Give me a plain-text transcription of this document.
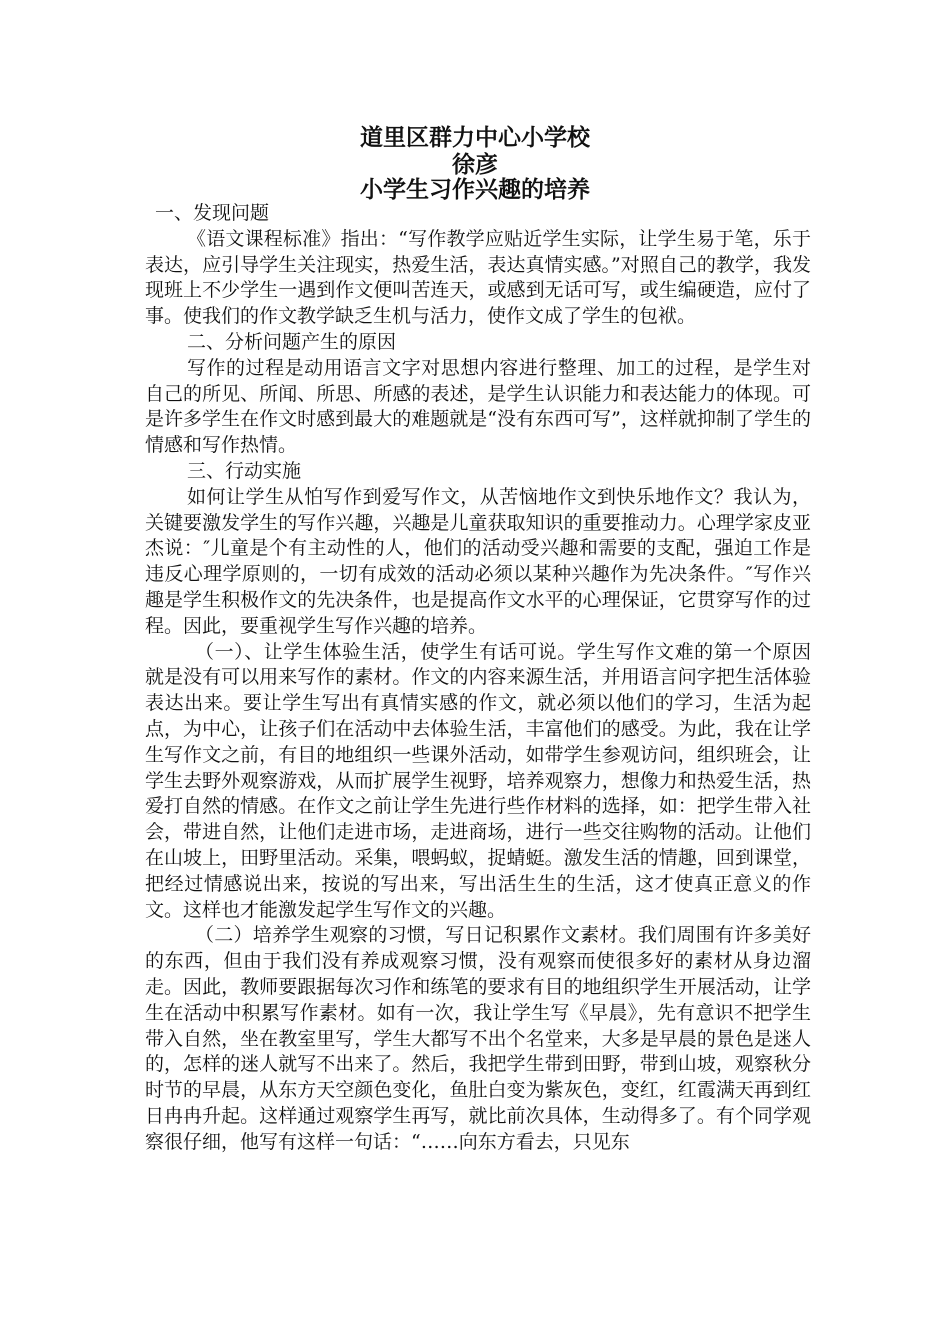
道里区群力中心小学校
徐彦
小学生习作兴趣的培养

一、发现问题

《语文课程标准》指出：“写作教学应贴近学生实际，让学生易于笔，乐于表达，应引导学生关注现实，热爱生活，表达真情实感。”对照自己的教学，我发现班上不少学生一遇到作文便叫苦连天，或感到无话可写，或生编硬造，应付了事。使我们的作文教学缺乏生机与活力，使作文成了学生的包袱。

二、分析问题产生的原因

写作的过程是动用语言文字对思想内容进行整理、加工的过程，是学生对自己的所见、所闻、所思、所感的表述，是学生认识能力和表达能力的体现。可是许多学生在作文时感到最大的难题就是“没有东西可写”，这样就抑制了学生的情感和写作热情。

三、行动实施

如何让学生从怕写作到爱写作文，从苦恼地作文到快乐地作文？我认为，关键要激发学生的写作兴趣，兴趣是儿童获取知识的重要推动力。心理学家皮亚杰说：″儿童是个有主动性的人，他们的活动受兴趣和需要的支配，强迫工作是违反心理学原则的，一切有成效的活动必须以某种兴趣作为先决条件。″写作兴趣是学生积极作文的先决条件，也是提高作文水平的心理保证，它贯穿写作的过程。因此，要重视学生写作兴趣的培养。

（一）、让学生体验生活，使学生有话可说。学生写作文难的第一个原因就是没有可以用来写作的素材。作文的内容来源生活，并用语言问字把生活体验表达出来。要让学生写出有真情实感的作文，就必须以他们的学习，生活为起点，为中心，让孩子们在活动中去体验生活，丰富他们的感受。为此，我在让学生写作文之前，有目的地组织一些课外活动，如带学生参观访问，组织班会，让学生去野外观察游戏，从而扩展学生视野，培养观察力，想像力和热爱生活，热爱打自然的情感。在作文之前让学生先进行些作材料的选择，如：把学生带入社会，带进自然，让他们走进市场，走进商场，进行一些交往购物的活动。让他们在山坡上，田野里活动。采集，喂蚂蚁，捉蜻蜓。激发生活的情趣，回到课堂，把经过情感说出来，按说的写出来，写出活生生的生活，这才使真正意义的作文。这样也才能激发起学生写作文的兴趣。

（二）培养学生观察的习惯，写日记积累作文素材。我们周围有许多美好的东西，但由于我们没有养成观察习惯，没有观察而使很多好的素材从身边溜走。因此，教师要跟据每次习作和练笔的要求有目的地组织学生开展活动，让学生在活动中积累写作素材。如有一次，我让学生写《早晨》，先有意识不把学生带入自然，坐在教室里写，学生大都写不出个名堂来，大多是早晨的景色是迷人的，怎样的迷人就写不出来了。然后，我把学生带到田野，带到山坡，观察秋分时节的早晨，从东方天空颜色变化，鱼肚白变为紫灰色，变红，红霞满天再到红日冉冉升起。这样通过观察学生再写，就比前次具体，生动得多了。有个同学观察很仔细，他写有这样一句话：“……向东方看去，只见东
